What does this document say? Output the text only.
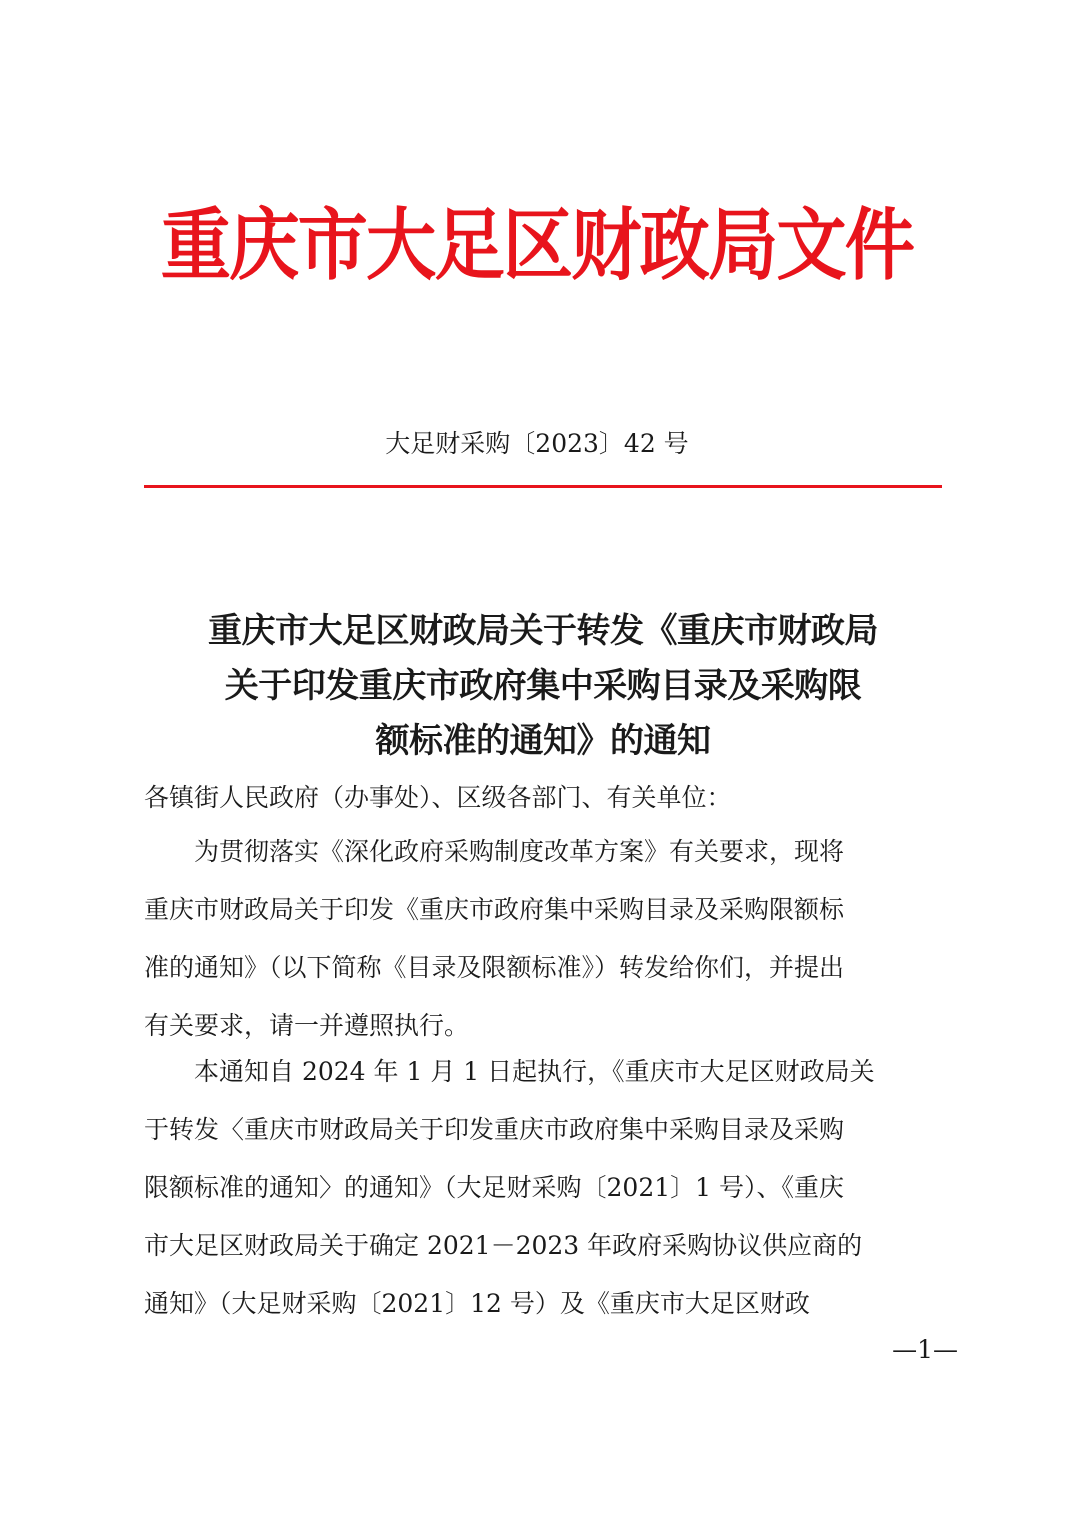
重庆市大足区财政局文件
大足财采购〔2023〕42 号
重庆市大足区财政局关于转发《重庆市财政局
关于印发重庆市政府集中采购目录及采购限
额标准的通知》的通知
各镇街人民政府（办事处）、区级各部门、有关单位：
　　为贯彻落实《深化政府采购制度改革方案》有关要求，现将
重庆市财政局关于印发《重庆市政府集中采购目录及采购限额标
准的通知》（以下简称《目录及限额标准》）转发给你们，并提出
有关要求，请一并遵照执行。
　　本通知自 2024 年 1 月 1 日起执行，《重庆市大足区财政局关
于转发〈重庆市财政局关于印发重庆市政府集中采购目录及采购
限额标准的通知〉的通知》（大足财采购〔2021〕1 号）、《重庆
市大足区财政局关于确定 2021－2023 年政府采购协议供应商的
通知》（大足财采购〔2021〕12 号）及《重庆市大足区财政
—1—
